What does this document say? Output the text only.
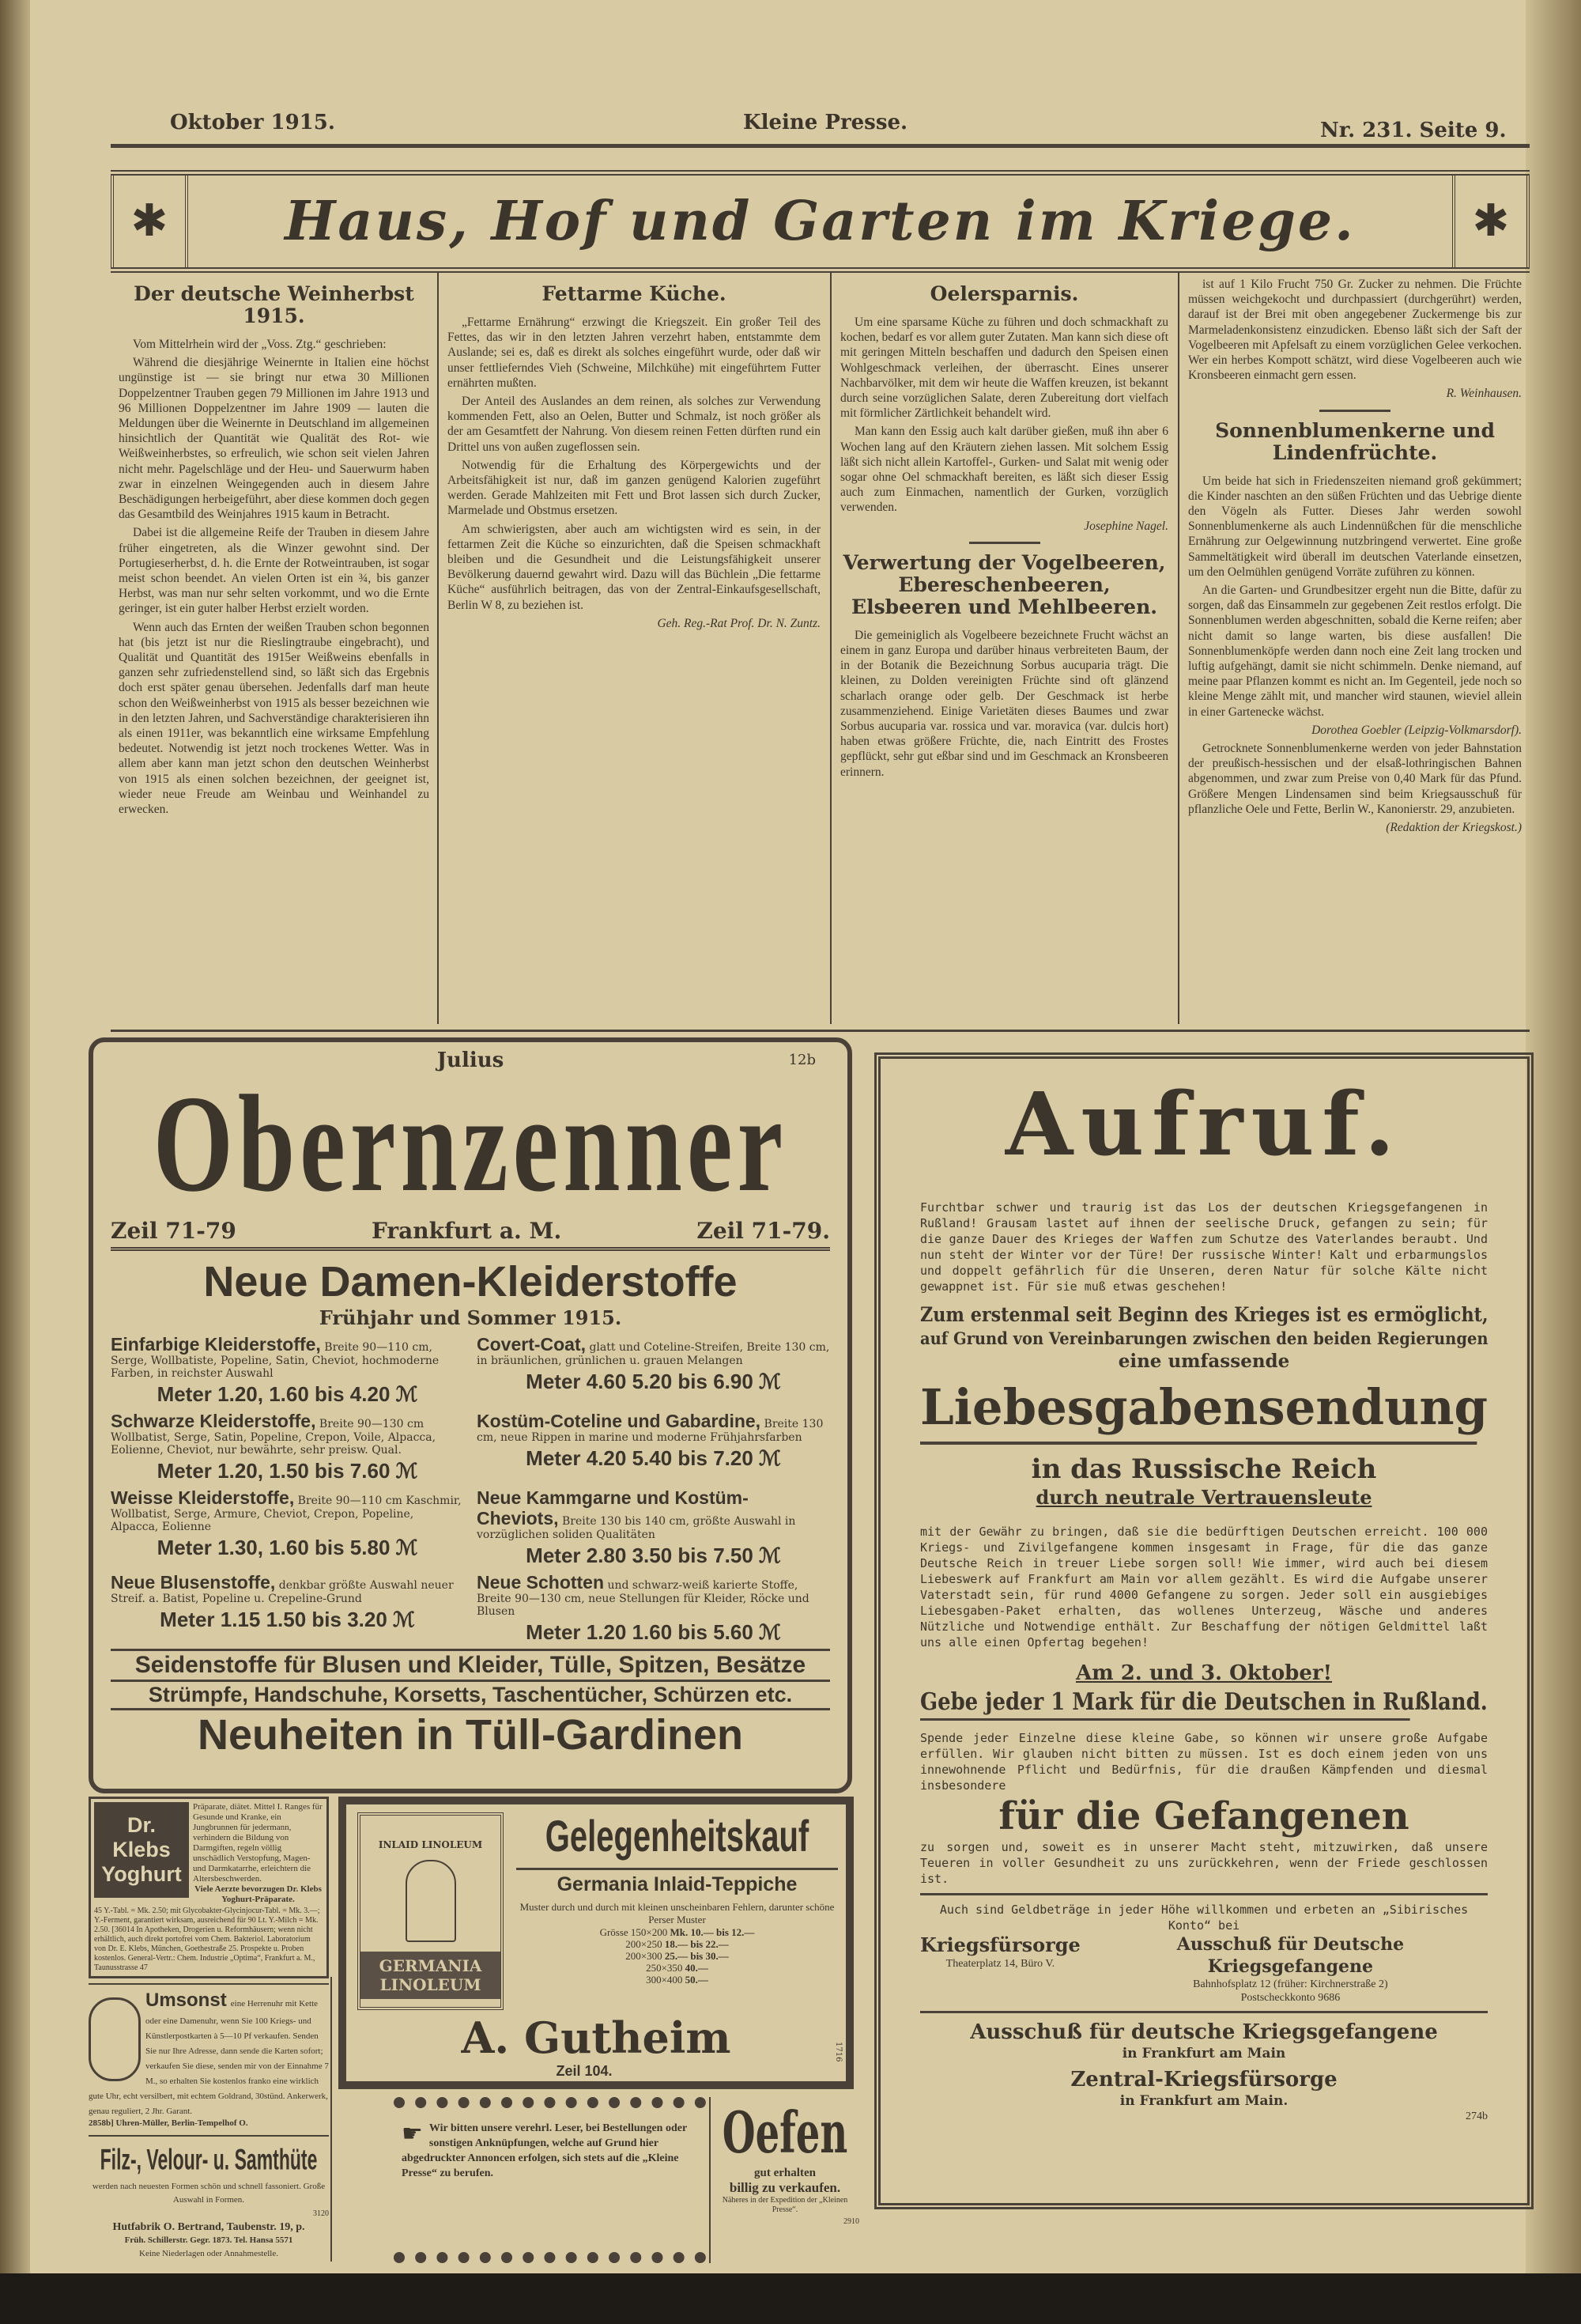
Oktober 1915.	Kleine Presse.	Nr. 231. Seite 9.
✱	Haus, Hof und Garten im Kriege.	✱
Der deutsche Weinherbst 1915.

Vom Mittelrhein wird der „Voss. Ztg.“ geschrieben:

Während die diesjährige Weinernte in Italien eine höchst ungünstige ist — sie bringt nur etwa 30 Millionen Doppelzentner Trauben gegen 79 Millionen im Jahre 1913 und 96 Millionen Doppelzentner im Jahre 1909 — lauten die Meldungen über die Weinernte in Deutschland im allgemeinen hinsichtlich der Quantität wie Qualität des Rot- wie Weißweinherbstes, so erfreulich, wie schon seit vielen Jahren nicht mehr. Pagelschläge und der Heu- und Sauerwurm haben zwar in einzelnen Weingegenden auch in diesem Jahre Beschädigungen herbeigeführt, aber diese kommen doch gegen das Gesamtbild des Weinjahres 1915 kaum in Betracht.

Dabei ist die allgemeine Reife der Trauben in diesem Jahre früher eingetreten, als die Winzer gewohnt sind. Der Portugieserherbst, d. h. die Ernte der Rotweintrauben, ist sogar meist schon beendet. An vielen Orten ist ein ¾, bis ganzer Herbst, was man nur sehr selten vorkommt, und wo die Ernte geringer, ist ein guter halber Herbst erzielt worden.

Wenn auch das Ernten der weißen Trauben schon begonnen hat (bis jetzt ist nur die Rieslingtraube eingebracht), und Qualität und Quantität des 1915er Weißweins ebenfalls in ganzen sehr zufriedenstellend sind, so läßt sich das Ergebnis doch erst später genau übersehen. Jedenfalls darf man heute schon den Weißweinherbst von 1915 als besser bezeichnen wie in den letzten Jahren, und Sachverständige charakterisieren ihn als einen 1911er, was bekanntlich eine wirksame Empfehlung bedeutet. Notwendig ist jetzt noch trockenes Wetter. Was in allem aber kann man jetzt schon den deutschen Weinherbst von 1915 als einen solchen bezeichnen, der geeignet ist, wieder neue Freude am Weinbau und Weinhandel zu erwecken.

Fettarme Küche.

„Fettarme Ernährung“ erzwingt die Kriegszeit. Ein großer Teil des Fettes, das wir in den letzten Jahren verzehrt haben, entstammte dem Auslande; sei es, daß es direkt als solches eingeführt wurde, oder daß wir unser fettlieferndes Vieh (Schweine, Milchkühe) mit eingeführtem Futter ernährten mußten.

Der Anteil des Auslandes an dem reinen, als solches zur Verwendung kommenden Fett, also an Oelen, Butter und Schmalz, ist noch größer als der am Gesamtfett der Nahrung. Von diesem reinen Fetten dürften rund ein Drittel uns von außen zugeflossen sein.

Notwendig für die Erhaltung des Körpergewichts und der Arbeitsfähigkeit ist nur, daß im ganzen genügend Kalorien zugeführt werden. Gerade Mahlzeiten mit Fett und Brot lassen sich durch Zucker, Marmelade und Obstmus ersetzen.

Am schwierigsten, aber auch am wichtigsten wird es sein, in der fettarmen Zeit die Küche so einzurichten, daß die Speisen schmackhaft bleiben und die Gesundheit und die Leistungsfähigkeit unserer Bevölkerung dauernd gewahrt wird. Dazu will das Büchlein „Die fettarme Küche“ ausführlich beitragen, das von der Zentral-Einkaufsgesellschaft, Berlin W 8, zu beziehen ist.

Geh. Reg.-Rat Prof. Dr. N. Zuntz.

Oelersparnis.

Um eine sparsame Küche zu führen und doch schmackhaft zu kochen, bedarf es vor allem guter Zutaten. Man kann sich diese oft mit geringen Mitteln beschaffen und dadurch den Speisen einen Wohlgeschmack verleihen, der überrascht. Eines unserer Nachbarvölker, mit dem wir heute die Waffen kreuzen, ist bekannt durch seine vorzüglichen Salate, deren Zubereitung dort vielfach mit förmlicher Zärtlichkeit behandelt wird.

Man kann den Essig auch kalt darüber gießen, muß ihn aber 6 Wochen lang auf den Kräutern ziehen lassen. Mit solchem Essig läßt sich nicht allein Kartoffel-, Gurken- und Salat mit wenig oder sogar ohne Oel schmackhaft bereiten, es läßt sich dieser Essig auch zum Einmachen, namentlich der Gurken, vorzüglich verwenden.

Josephine Nagel.

Verwertung der Vogelbeeren, Ebereschenbeeren, Elsbeeren und Mehlbeeren.

Die gemeiniglich als Vogelbeere bezeichnete Frucht wächst an einem in ganz Europa und darüber hinaus verbreiteten Baum, der in der Botanik die Bezeichnung Sorbus aucuparia trägt. Die kleinen, zu Dolden vereinigten Früchte sind oft glänzend scharlach orange oder gelb. Der Geschmack ist herbe zusammenziehend. Einige Varietäten dieses Baumes und zwar Sorbus aucuparia var. rossica und var. moravica (var. dulcis hort) haben etwas größere Früchte, die, nach Eintritt des Frostes gepflückt, sehr gut eßbar sind und im Geschmack an Kronsbeeren erinnern.

ist auf 1 Kilo Frucht 750 Gr. Zucker zu nehmen. Die Früchte müssen weichgekocht und durchpassiert (durchgerührt) werden, darauf ist der Brei mit oben angegebener Zuckermenge bis zur Marmeladenkonsistenz einzudicken. Ebenso läßt sich der Saft der Vogelbeeren mit Apfelsaft zu einem vorzüglichen Gelee verkochen. Wer ein herbes Kompott schätzt, wird diese Vogelbeeren auch wie Kronsbeeren einmacht gern essen.

R. Weinhausen.

Sonnenblumenkerne und Lindenfrüchte.

Um beide hat sich in Friedenszeiten niemand groß gekümmert; die Kinder naschten an den süßen Früchten und das Uebrige diente den Vögeln als Futter. Dieses Jahr werden sowohl Sonnenblumenkerne als auch Lindennüßchen für die menschliche Ernährung zur Oelgewinnung nutzbringend verwertet. Eine große Sammeltätigkeit wird überall im deutschen Vaterlande einsetzen, um den Oelmühlen genügend Vorräte zuführen zu können.

An die Garten- und Grundbesitzer ergeht nun die Bitte, dafür zu sorgen, daß das Einsammeln zur gegebenen Zeit restlos erfolgt. Die Sonnenblumen werden abgeschnitten, sobald die Kerne reifen; aber nicht damit so lange warten, bis diese ausfallen! Die Sonnenblumenköpfe werden dann noch eine Zeit lang trocken und luftig aufgehängt, damit sie nicht schimmeln. Denke niemand, auf meine paar Pflanzen kommt es nicht an. Im Gegenteil, jede noch so kleine Menge zählt mit, und mancher wird staunen, wieviel allein in einer Gartenecke wächst.

Dorothea Goebler (Leipzig-Volkmarsdorf).

Getrocknete Sonnenblumenkerne werden von jeder Bahnstation der preußisch-hessischen und der elsaß-lothringischen Bahnen abgenommen, und zwar zum Preise von 0,40 Mark für das Pfund. Größere Mengen Lindensamen sind beim Kriegsausschuß für pflanzliche Oele und Fette, Berlin W., Kanonierstr. 29, anzubieten.

(Redaktion der Kriegskost.)

Julius	12b
Obernzenner
Zeil 71-79	Frankfurt a. M.	Zeil 71-79.
Neue Damen-Kleiderstoffe
Frühjahr und Sommer 1915.
Einfarbige Kleiderstoffe, Breite 90—110 cm, Serge, Wollbatiste, Popeline, Satin, Cheviot, hochmoderne Farben, in reichster Auswahl
Meter 1.20, 1.60 bis 4.20 ℳ
Covert-Coat, glatt und Coteline-Streifen, Breite 130 cm, in bräunlichen, grünlichen u. grauen Melangen
Meter 4.60 5.20 bis 6.90 ℳ
Schwarze Kleiderstoffe, Breite 90—130 cm Wollbatist, Serge, Satin, Popeline, Crepon, Voile, Alpacca, Eolienne, Cheviot, nur bewährte, sehr preisw. Qual.
Meter 1.20, 1.50 bis 7.60 ℳ
Kostüm-Coteline und Gabardine, Breite 130 cm, neue Rippen in marine und moderne Frühjahrsfarben
Meter 4.20 5.40 bis 7.20 ℳ
Weisse Kleiderstoffe, Breite 90—110 cm Kaschmir, Wollbatist, Serge, Armure, Cheviot, Crepon, Popeline, Alpacca, Eolienne
Meter 1.30, 1.60 bis 5.80 ℳ
Neue Kammgarne und Kostüm-Cheviots, Breite 130 bis 140 cm, größte Auswahl in vorzüglichen soliden Qualitäten
Meter 2.80 3.50 bis 7.50 ℳ
Neue Blusenstoffe, denkbar größte Auswahl neuer Streif. a. Batist, Popeline u. Crepeline-Grund
Meter 1.15 1.50 bis 3.20 ℳ
Neue Schotten und schwarz-weiß karierte Stoffe, Breite 90—130 cm, neue Stellungen für Kleider, Röcke und Blusen
Meter 1.20 1.60 bis 5.60 ℳ
Seidenstoffe für Blusen und Kleider, Tülle, Spitzen, Besätze
Strümpfe, Handschuhe, Korsetts, Taschentücher, Schürzen etc.
Neuheiten in Tüll-Gardinen
Dr. Klebs Yoghurt
Präparate, diätet. Mittel I. Ranges für Gesunde und Kranke, ein Jungbrunnen für jedermann, verhindern die Bildung von Darmgiften, regeln völlig unschädlich Verstopfung, Magen- und Darmkatarrhe, erleichtern die Altersbeschwerden.
Viele Aerzte bevorzugen Dr. Klebs Yoghurt-Präparate.
45 Y.-Tabl. = Mk. 2.50; mit Glycobakter-Glycinjocur-Tabl. = Mk. 3.—; Y.-Ferment, garantiert wirksam, ausreichend für 90 Lt. Y.-Milch = Mk. 2.50. [36014 In Apotheken, Drogerien u. Reformhäusern; wenn nicht erhältlich, auch direkt portofrei vom Chem. Bakteriol. Laboratorium von Dr. E. Klebs, München, Goethestraße 25. Prospekte u. Proben kostenlos. General-Vertr.: Chem. Industrie „Optima“, Frankfurt a. M., Taunusstrasse 47
Umsonst eine Herrenuhr mit Kette oder eine Damenuhr, wenn Sie 100 Kriegs- und Künstlerpostkarten à 5—10 Pf verkaufen. Senden Sie nur Ihre Adresse, dann sende die Karten sofort; verkaufen Sie diese, senden mir von der Einnahme 7 M., so erhalten Sie kostenlos franko eine wirklich gute Uhr, echt versilbert, mit echtem Goldrand, 30stünd. Ankerwerk, genau reguliert, 2 Jhr. Garant.
2858b] Uhren-Müller, Berlin-Tempelhof O.
Filz-, Velour- u. Samthüte
werden nach neuesten Formen schön und schnell fassoniert. Große Auswahl in Formen.
3120
Hutfabrik O. Bertrand, Taubenstr. 19, p.
Früh. Schillerstr. Gegr. 1873. Tel. Hansa 5571
Keine Niederlagen oder Annahmestelle.
INLAID LINOLEUM
GERMANIA LINOLEUM
Gelegenheitskauf
Germania Inlaid-Teppiche
Muster durch und durch mit kleinen unscheinbaren Fehlern, darunter schöne Perser Muster
Grösse 150×200 Mk. 10.— bis 12.—
200×250 18.— bis 22.—
200×300 25.— bis 30.—
250×350 40.—
300×400 50.—
A. Gutheim
Zeil 104.
1716
☛ Wir bitten unsere verehrl. Leser, bei Bestellungen oder sonstigen Anknüpfungen, welche auf Grund hier abgedruckter Annoncen erfolgen, sich stets auf die „Kleine Presse“ zu berufen.
Oefen
gut erhalten
billig zu verkaufen.
Näheres in der Expedition der „Kleinen Presse“.
2910
Aufruf.
Furchtbar schwer und traurig ist das Los der deutschen Kriegsgefangenen in Rußland! Grausam lastet auf ihnen der seelische Druck, gefangen zu sein; für die ganze Dauer des Krieges der Waffen zum Schutze des Vaterlandes beraubt. Und nun steht der Winter vor der Türe! Der russische Winter! Kalt und erbarmungslos und doppelt gefährlich für die Unseren, deren Natur für solche Kälte nicht gewappnet ist. Für sie muß etwas geschehen!
Zum erstenmal seit Beginn des Krieges ist es ermöglicht,
auf Grund von Vereinbarungen zwischen den beiden Regierungen
eine umfassende
Liebesgabensendung
in das Russische Reich
durch neutrale Vertrauensleute
mit der Gewähr zu bringen, daß sie die bedürftigen Deutschen erreicht. 100 000 Kriegs- und Zivilgefangene kommen insgesamt in Frage, für die das ganze Deutsche Reich in treuer Liebe sorgen soll! Wie immer, wird auch bei diesem Liebeswerk auf Frankfurt am Main vor allem gezählt. Es wird die Aufgabe unserer Vaterstadt sein, für rund 4000 Gefangene zu sorgen. Jeder soll ein ausgiebiges Liebesgaben-Paket erhalten, das wollenes Unterzeug, Wäsche und anderes Nützliche und Notwendige enthält. Zur Beschaffung der nötigen Geldmittel laßt uns alle einen Opfertag begehen!
Am 2. und 3. Oktober!
Gebe jeder 1 Mark für die Deutschen in Rußland.
Spende jeder Einzelne diese kleine Gabe, so können wir unsere große Aufgabe erfüllen. Wir glauben nicht bitten zu müssen. Ist es doch einem jeden von uns innewohnende Pflicht und Bedürfnis, für die draußen Kämpfenden und diesmal insbesondere
für die Gefangenen
zu sorgen und, soweit es in unserer Macht steht, mitzuwirken, daß unsere Teueren in voller Gesundheit zu uns zurückkehren, wenn der Friede geschlossen ist.
Auch sind Geldbeträge in jeder Höhe willkommen und erbeten an „Sibirisches Konto“ bei
Kriegsfürsorge
Theaterplatz 14, Büro V.
Ausschuß für Deutsche Kriegsgefangene
Bahnhofsplatz 12 (früher: Kirchnerstraße 2)
Postscheckkonto 9686
Ausschuß für deutsche Kriegsgefangene
in Frankfurt am Main
Zentral-Kriegsfürsorge
in Frankfurt am Main.
274b
